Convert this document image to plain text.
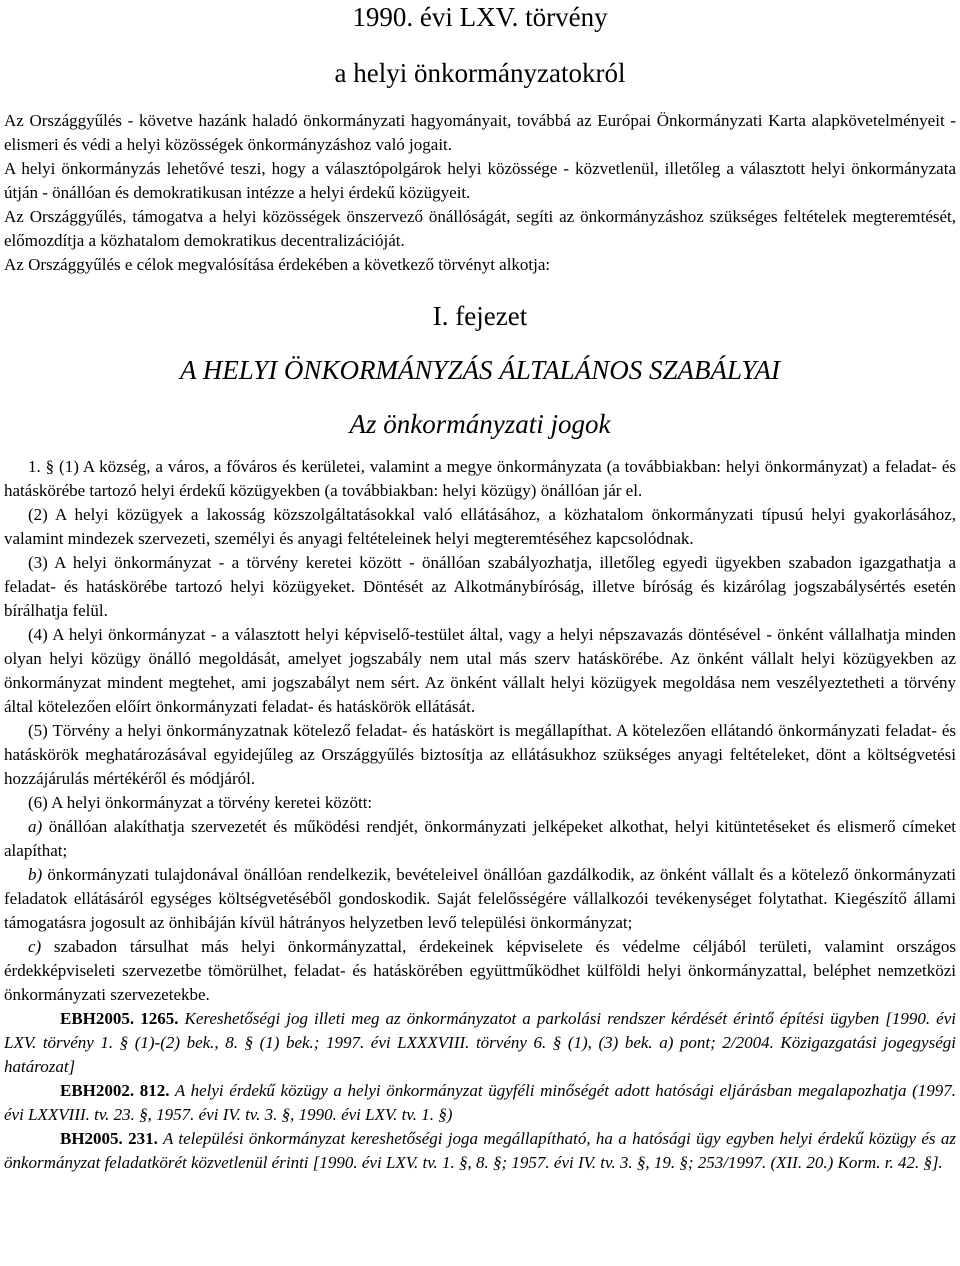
1990. évi LXV. törvény
a helyi önkormányzatokról

Az Országgyűlés - követve hazánk haladó önkormányzati hagyományait, továbbá az Európai Önkormányzati Karta alapkövetelményeit - elismeri és védi a helyi közösségek önkormányzáshoz való jogait.

A helyi önkormányzás lehetővé teszi, hogy a választópolgárok helyi közössége - közvetlenül, illetőleg a választott helyi önkormányzata útján - önállóan és demokratikusan intézze a helyi érdekű közügyeit.

Az Országgyűlés, támogatva a helyi közösségek önszervező önállóságát, segíti az önkormányzáshoz szükséges feltételek megteremtését, előmozdítja a közhatalom demokratikus decentralizációját.

Az Országgyűlés e célok megvalósítása érdekében a következő törvényt alkotja:

I. fejezet
A HELYI ÖNKORMÁNYZÁS ÁLTALÁNOS SZABÁLYAI
Az önkormányzati jogok

1. § (1) A község, a város, a főváros és kerületei, valamint a megye önkormányzata (a továbbiakban: helyi önkormányzat) a feladat- és hatáskörébe tartozó helyi érdekű közügyekben (a továbbiakban: helyi közügy) önállóan jár el.

(2) A helyi közügyek a lakosság közszolgáltatásokkal való ellátásához, a közhatalom önkormányzati típusú helyi gyakorlásához, valamint mindezek szervezeti, személyi és anyagi feltételeinek helyi megteremtéséhez kapcsolódnak.

(3) A helyi önkormányzat - a törvény keretei között - önállóan szabályozhatja, illetőleg egyedi ügyekben szabadon igazgathatja a feladat- és hatáskörébe tartozó helyi közügyeket. Döntését az Alkotmánybíróság, illetve bíróság és kizárólag jogszabálysértés esetén bírálhatja felül.

(4) A helyi önkormányzat - a választott helyi képviselő-testület által, vagy a helyi népszavazás döntésével - önként vállalhatja minden olyan helyi közügy önálló megoldását, amelyet jogszabály nem utal más szerv hatáskörébe. Az önként vállalt helyi közügyekben az önkormányzat mindent megtehet, ami jogszabályt nem sért. Az önként vállalt helyi közügyek megoldása nem veszélyeztetheti a törvény által kötelezően előírt önkormányzati feladat- és hatáskörök ellátását.

(5) Törvény a helyi önkormányzatnak kötelező feladat- és hatáskört is megállapíthat. A kötelezően ellátandó önkormányzati feladat- és hatáskörök meghatározásával egyidejűleg az Országgyűlés biztosítja az ellátásukhoz szükséges anyagi feltételeket, dönt a költségvetési hozzájárulás mértékéről és módjáról.

(6) A helyi önkormányzat a törvény keretei között:

a) önállóan alakíthatja szervezetét és működési rendjét, önkormányzati jelképeket alkothat, helyi kitüntetéseket és elismerő címeket alapíthat;

b) önkormányzati tulajdonával önállóan rendelkezik, bevételeivel önállóan gazdálkodik, az önként vállalt és a kötelező önkormányzati feladatok ellátásáról egységes költségvetéséből gondoskodik. Saját felelősségére vállalkozói tevékenységet folytathat. Kiegészítő állami támogatásra jogosult az önhibáján kívül hátrányos helyzetben levő települési önkormányzat;

c) szabadon társulhat más helyi önkormányzattal, érdekeinek képviselete és védelme céljából területi, valamint országos érdekképviseleti szervezetbe tömörülhet, feladat- és hatáskörében együttműködhet külföldi helyi önkormányzattal, beléphet nemzetközi önkormányzati szervezetekbe.

EBH2005. 1265. Kereshetőségi jog illeti meg az önkormányzatot a parkolási rendszer kérdését érintő építési ügyben [1990. évi LXV. törvény 1. § (1)-(2) bek., 8. § (1) bek.; 1997. évi LXXXVIII. törvény 6. § (1), (3) bek. a) pont; 2/2004. Közigazgatási jogegységi határozat]

EBH2002. 812. A helyi érdekű közügy a helyi önkormányzat ügyféli minőségét adott hatósági eljárásban megalapozhatja (1997. évi LXXVIII. tv. 23. §, 1957. évi IV. tv. 3. §, 1990. évi LXV. tv. 1. §)

BH2005. 231. A települési önkormányzat kereshetőségi joga megállapítható, ha a hatósági ügy egyben helyi érdekű közügy és az önkormányzat feladatkörét közvetlenül érinti [1990. évi LXV. tv. 1. §, 8. §; 1957. évi IV. tv. 3. §, 19. §; 253/1997. (XII. 20.) Korm. r. 42. §].
